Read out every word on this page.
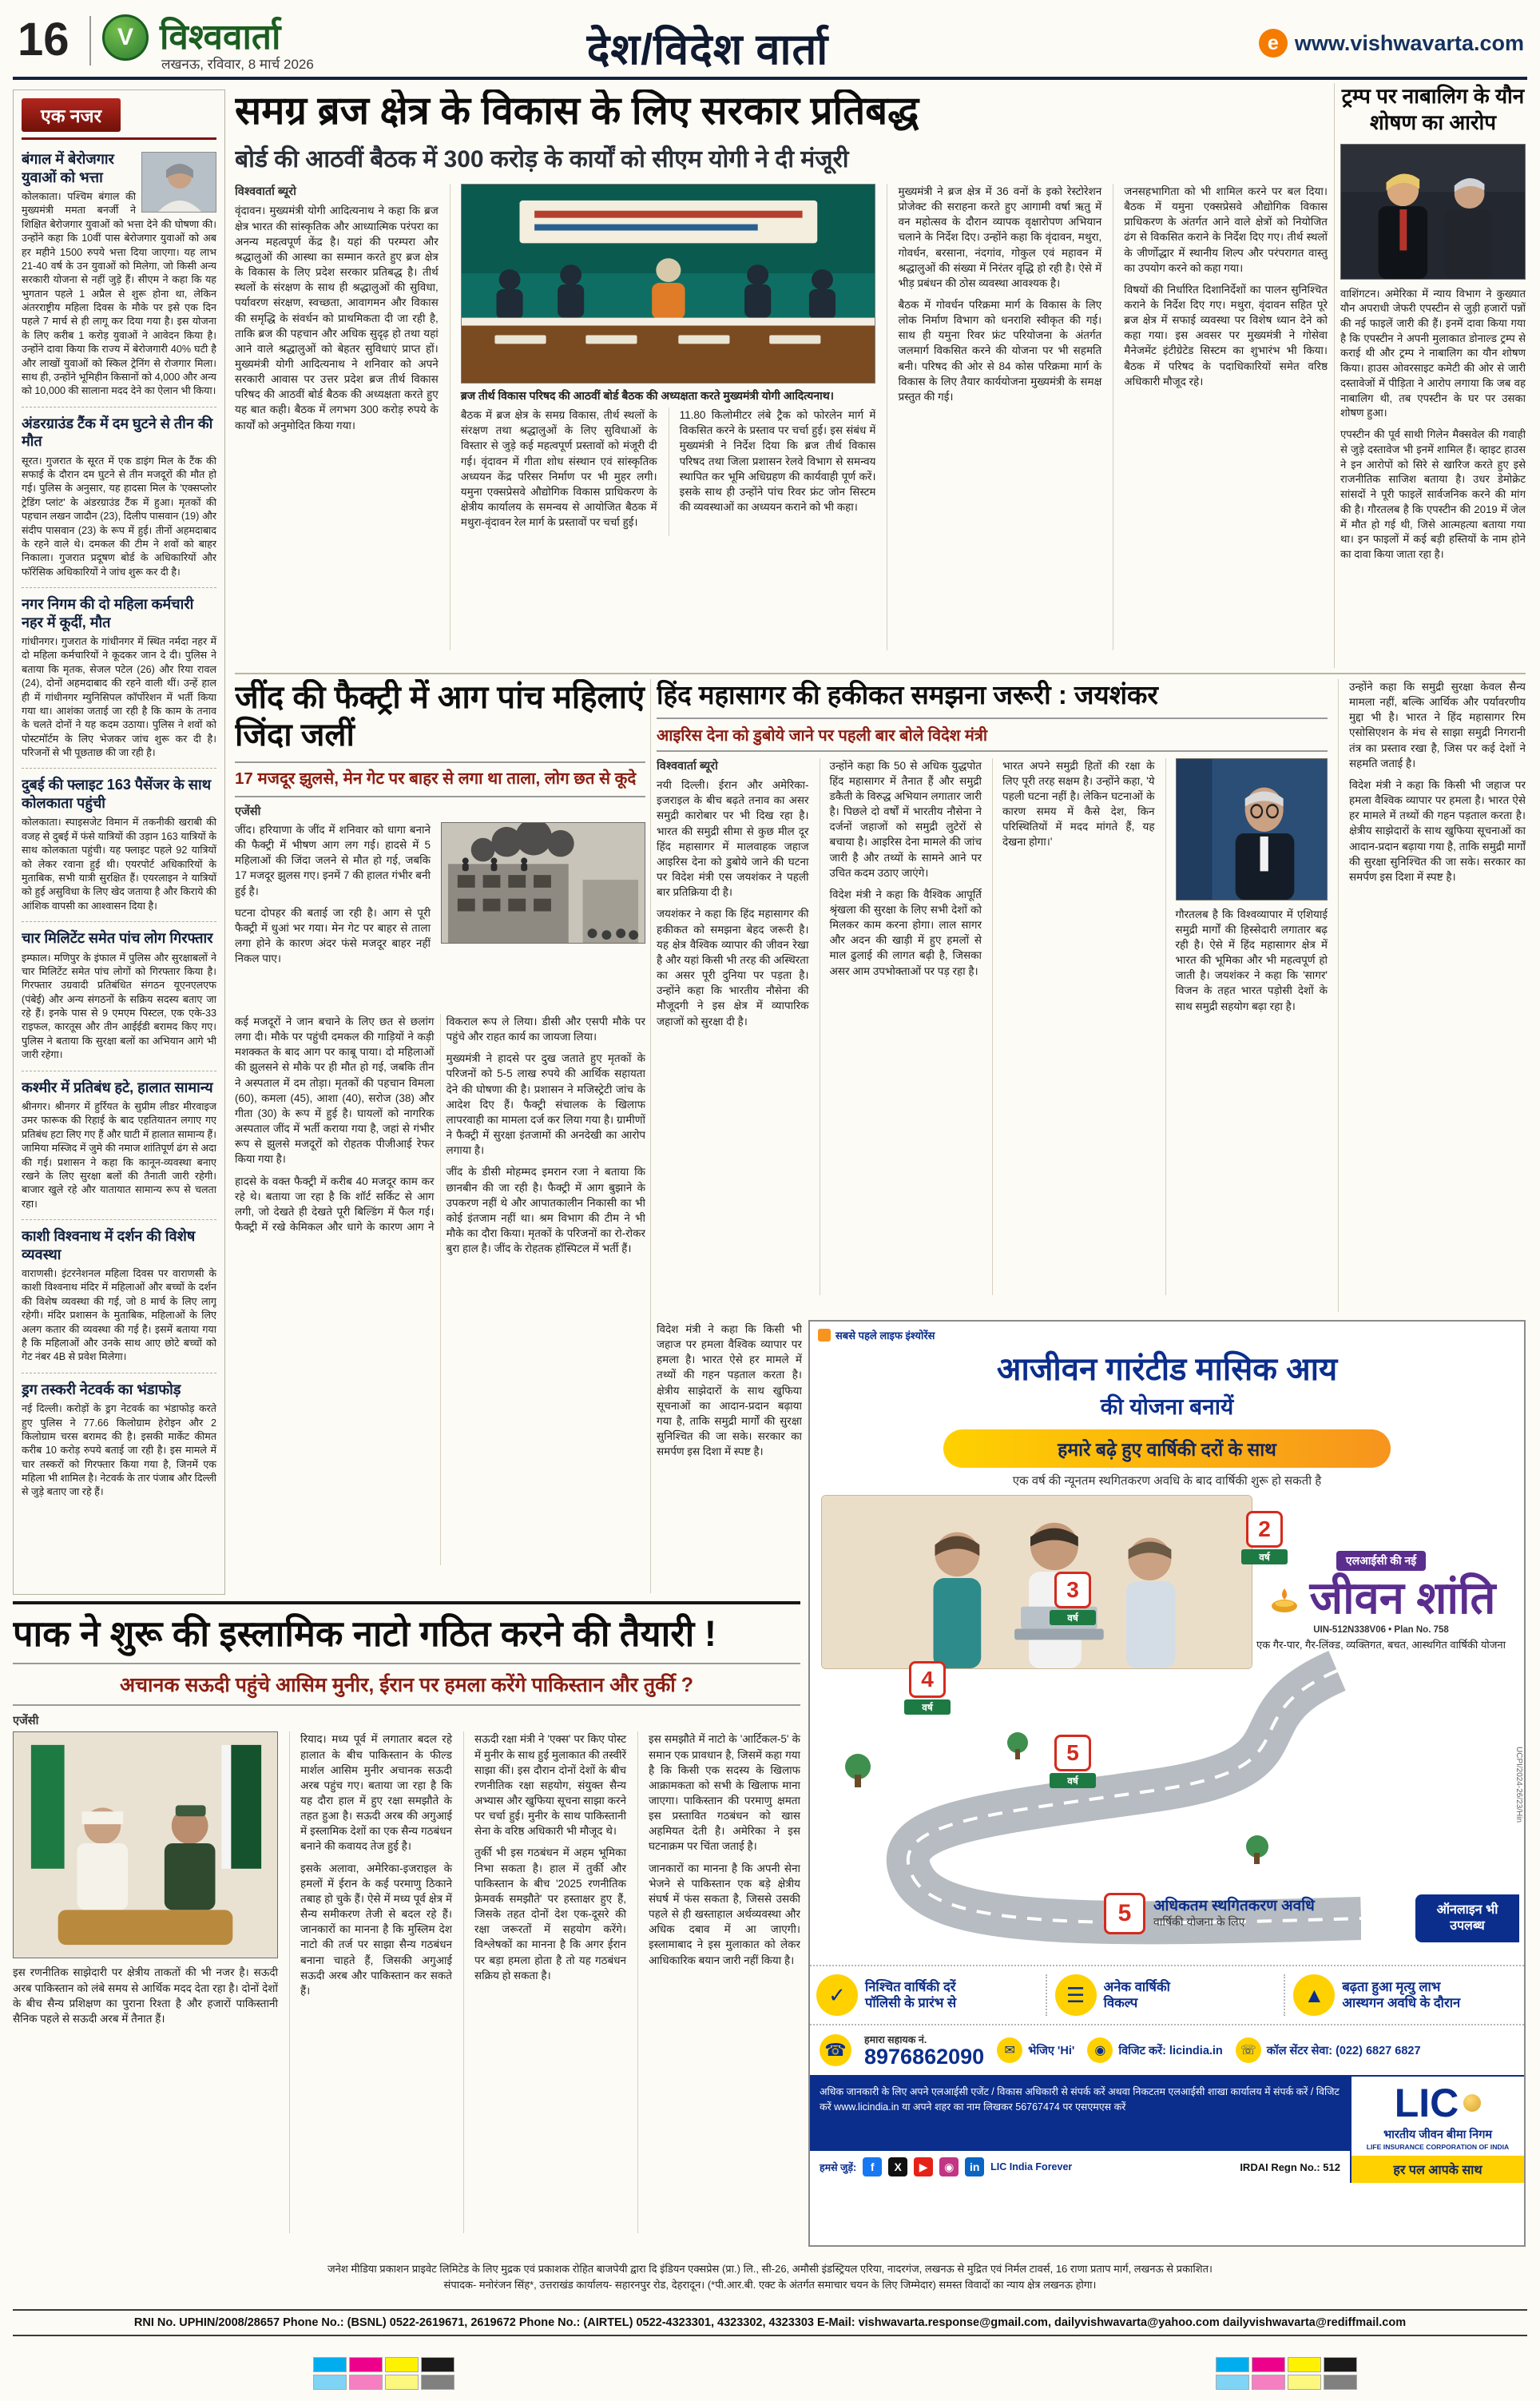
16 V विश्ववार्ता
लखनऊ, रविवार, 8 मार्च 2026	देश/विदेश वार्ता	e www.vishwavarta.com
एक नजर
बंगाल में बेरोजगार युवाओं को भत्ता

कोलकाता। पश्चिम बंगाल की मुख्यमंत्री ममता बनर्जी ने शिक्षित बेरोजगार युवाओं को भत्ता देने की घोषणा की। उन्होंने कहा कि 10वीं पास बेरोजगार युवाओं को अब हर महीने 1500 रुपये भत्ता दिया जाएगा। यह लाभ 21-40 वर्ष के उन युवाओं को मिलेगा, जो किसी अन्य सरकारी योजना से नहीं जुड़े हैं। सीएम ने कहा कि यह भुगतान पहले 1 अप्रैल से शुरू होना था, लेकिन अंतरराष्ट्रीय महिला दिवस के मौके पर इसे एक दिन पहले 7 मार्च से ही लागू कर दिया गया है। इस योजना के लिए करीब 1 करोड़ युवाओं ने आवेदन किया है। उन्होंने दावा किया कि राज्य में बेरोजगारी 40% घटी है और लाखों युवाओं को स्किल ट्रेनिंग से रोजगार मिला। साथ ही, उन्होंने भूमिहीन किसानों को 4,000 और अन्य को 10,000 की सालाना मदद देने का ऐलान भी किया।

अंडरग्राउंड टैंक में दम घुटने से तीन की मौत

सूरत। गुजरात के सूरत में एक डाइंग मिल के टैंक की सफाई के दौरान दम घुटने से तीन मजदूरों की मौत हो गई। पुलिस के अनुसार, यह हादसा मिल के 'एक्सप्लोर ट्रेडिंग प्लांट' के अंडरग्राउंड टैंक में हुआ। मृतकों की पहचान लखन जादौन (23), दिलीप पासवान (19) और संदीप पासवान (23) के रूप में हुई। तीनों अहमदाबाद के रहने वाले थे। दमकल की टीम ने शवों को बाहर निकाला। गुजरात प्रदूषण बोर्ड के अधिकारियों और फॉरेंसिक अधिकारियों ने जांच शुरू कर दी है।

नगर निगम की दो महिला कर्मचारी नहर में कूदीं, मौत

गांधीनगर। गुजरात के गांधीनगर में स्थित नर्मदा नहर में दो महिला कर्मचारियों ने कूदकर जान दे दी। पुलिस ने बताया कि मृतक, सेजल पटेल (26) और रिया रावल (24), दोनों अहमदाबाद की रहने वाली थीं। उन्हें हाल ही में गांधीनगर म्युनिसिपल कॉर्पोरेशन में भर्ती किया गया था। आशंका जताई जा रही है कि काम के तनाव के चलते दोनों ने यह कदम उठाया। पुलिस ने शवों को पोस्टमॉर्टम के लिए भेजकर जांच शुरू कर दी है। परिजनों से भी पूछताछ की जा रही है।

दुबई की फ्लाइट 163 पैसेंजर के साथ कोलकाता पहुंची

कोलकाता। स्पाइसजेट विमान में तकनीकी खराबी की वजह से दुबई में फंसे यात्रियों की उड़ान 163 यात्रियों के साथ कोलकाता पहुंची। यह फ्लाइट पहले 92 यात्रियों को लेकर रवाना हुई थी। एयरपोर्ट अधिकारियों के मुताबिक, सभी यात्री सुरक्षित हैं। एयरलाइन ने यात्रियों को हुई असुविधा के लिए खेद जताया है और किराये की आंशिक वापसी का आश्वासन दिया है।

चार मिलिटेंट समेत पांच लोग गिरफ्तार

इम्फाल। मणिपुर के इंफाल में पुलिस और सुरक्षाबलों ने चार मिलिटेंट समेत पांच लोगों को गिरफ्तार किया है। गिरफ्तार उग्रवादी प्रतिबंधित संगठन यूएनएलएफ (पंबेई) और अन्य संगठनों के सक्रिय सदस्य बताए जा रहे हैं। इनके पास से 9 एमएम पिस्टल, एक एके-33 राइफल, कारतूस और तीन आईईडी बरामद किए गए। पुलिस ने बताया कि सुरक्षा बलों का अभियान आगे भी जारी रहेगा।

कश्मीर में प्रतिबंध हटे, हालात सामान्य

श्रीनगर। श्रीनगर में हुर्रियत के सुप्रीम लीडर मीरवाइज उमर फारूक की रिहाई के बाद एहतियातन लगाए गए प्रतिबंध हटा लिए गए हैं और घाटी में हालात सामान्य हैं। जामिया मस्जिद में जुमे की नमाज शांतिपूर्ण ढंग से अदा की गई। प्रशासन ने कहा कि कानून-व्यवस्था बनाए रखने के लिए सुरक्षा बलों की तैनाती जारी रहेगी। बाजार खुले रहे और यातायात सामान्य रूप से चलता रहा।

काशी विश्वनाथ में दर्शन की विशेष व्यवस्था

वाराणसी। इंटरनेशनल महिला दिवस पर वाराणसी के काशी विश्वनाथ मंदिर में महिलाओं और बच्चों के दर्शन की विशेष व्यवस्था की गई, जो 8 मार्च के लिए लागू रहेगी। मंदिर प्रशासन के मुताबिक, महिलाओं के लिए अलग कतार की व्यवस्था की गई है। इसमें बताया गया है कि महिलाओं और उनके साथ आए छोटे बच्चों को गेट नंबर 4B से प्रवेश मिलेगा।

ड्रग तस्करी नेटवर्क का भंडाफोड़

नई दिल्ली। करोड़ों के ड्रग नेटवर्क का भंडाफोड़ करते हुए पुलिस ने 77.66 किलोग्राम हेरोइन और 2 किलोग्राम चरस बरामद की है। इसकी मार्केट कीमत करीब 10 करोड़ रुपये बताई जा रही है। इस मामले में चार तस्करों को गिरफ्तार किया गया है, जिनमें एक महिला भी शामिल है। नेटवर्क के तार पंजाब और दिल्ली से जुड़े बताए जा रहे हैं।

समग्र ब्रज क्षेत्र के विकास के लिए सरकार प्रतिबद्ध
बोर्ड की आठवीं बैठक में 300 करोड़ के कार्यों को सीएम योगी ने दी मंजूरी
विश्ववार्ता ब्यूरो

वृंदावन। मुख्यमंत्री योगी आदित्यनाथ ने कहा कि ब्रज क्षेत्र भारत की सांस्कृतिक और आध्यात्मिक परंपरा का अनन्य महत्वपूर्ण केंद्र है। यहां की परम्परा और श्रद्धालुओं की आस्था का सम्मान करते हुए ब्रज क्षेत्र के विकास के लिए प्रदेश सरकार प्रतिबद्ध है। तीर्थ स्थलों के संरक्षण के साथ ही श्रद्धालुओं की सुविधा, पर्यावरण संरक्षण, स्वच्छता, आवागमन और विकास की समृद्धि के संवर्धन को प्राथमिकता दी जा रही है, ताकि ब्रज की पहचान और अधिक सुदृढ़ हो तथा यहां आने वाले श्रद्धालुओं को बेहतर सुविधाएं प्राप्त हों। मुख्यमंत्री योगी आदित्यनाथ ने शनिवार को अपने सरकारी आवास पर उत्तर प्रदेश ब्रज तीर्थ विकास परिषद की आठवीं बोर्ड बैठक की अध्यक्षता करते हुए यह बात कही। बैठक में लगभग 300 करोड़ रुपये के कार्यों को अनुमोदित किया गया।

ब्रज तीर्थ विकास परिषद की आठवीं बोर्ड बैठक की अध्यक्षता करते मुख्यमंत्री योगी आदित्यनाथ।

बैठक में ब्रज क्षेत्र के समग्र विकास, तीर्थ स्थलों के संरक्षण तथा श्रद्धालुओं के लिए सुविधाओं के विस्तार से जुड़े कई महत्वपूर्ण प्रस्तावों को मंजूरी दी गई। वृंदावन में गीता शोध संस्थान एवं सांस्कृतिक अध्ययन केंद्र परिसर निर्माण पर भी मुहर लगी। यमुना एक्सप्रेसवे औद्योगिक विकास प्राधिकरण के क्षेत्रीय कार्यालय के समन्वय से आयोजित बैठक में मथुरा-वृंदावन रेल मार्ग के प्रस्तावों पर चर्चा हुई।

11.80 किलोमीटर लंबे ट्रैक को फोरलेन मार्ग में विकसित करने के प्रस्ताव पर चर्चा हुई। इस संबंध में मुख्यमंत्री ने निर्देश दिया कि ब्रज तीर्थ विकास परिषद तथा जिला प्रशासन रेलवे विभाग से समन्वय स्थापित कर भूमि अधिग्रहण की कार्यवाही पूर्ण करें। इसके साथ ही उन्होंने पांच रिवर फ्रंट जोन सिस्टम की व्यवस्थाओं का अध्ययन कराने को भी कहा।

मुख्यमंत्री ने ब्रज क्षेत्र में 36 वनों के इको रेस्टोरेशन प्रोजेक्ट की सराहना करते हुए आगामी वर्षा ऋतु में वन महोत्सव के दौरान व्यापक वृक्षारोपण अभियान चलाने के निर्देश दिए। उन्होंने कहा कि वृंदावन, मथुरा, गोवर्धन, बरसाना, नंदगांव, गोकुल एवं महावन में श्रद्धालुओं की संख्या में निरंतर वृद्धि हो रही है। ऐसे में भीड़ प्रबंधन की ठोस व्यवस्था आवश्यक है।

बैठक में गोवर्धन परिक्रमा मार्ग के विकास के लिए लोक निर्माण विभाग को धनराशि स्वीकृत की गई। साथ ही यमुना रिवर फ्रंट परियोजना के अंतर्गत जलमार्ग विकसित करने की योजना पर भी सहमति बनी। परिषद की ओर से 84 कोस परिक्रमा मार्ग के विकास के लिए तैयार कार्ययोजना मुख्यमंत्री के समक्ष प्रस्तुत की गई।

जनसहभागिता को भी शामिल करने पर बल दिया। बैठक में यमुना एक्सप्रेसवे औद्योगिक विकास प्राधिकरण के अंतर्गत आने वाले क्षेत्रों को नियोजित ढंग से विकसित कराने के निर्देश दिए गए। तीर्थ स्थलों के जीर्णोद्धार में स्थानीय शिल्प और परंपरागत वास्तु का उपयोग करने को कहा गया।

विषयों की निर्धारित दिशानिर्देशों का पालन सुनिश्चित कराने के निर्देश दिए गए। मथुरा, वृंदावन सहित पूरे ब्रज क्षेत्र में सफाई व्यवस्था पर विशेष ध्यान देने को कहा गया। इस अवसर पर मुख्यमंत्री ने गोसेवा मैनेजमेंट इंटीग्रेटेड सिस्टम का शुभारंभ भी किया। बैठक में परिषद के पदाधिकारियों समेत वरिष्ठ अधिकारी मौजूद रहे।

ट्रम्प पर नाबालिग के यौन शोषण का आरोप

वाशिंगटन। अमेरिका में न्याय विभाग ने कुख्यात यौन अपराधी जेफरी एपस्टीन से जुड़ी हजारों पन्नों की नई फाइलें जारी की हैं। इनमें दावा किया गया है कि एपस्टीन ने अपनी मुलाकात डोनाल्ड ट्रम्प से कराई थी और ट्रम्प ने नाबालिग का यौन शोषण किया। हाउस ओवरसाइट कमेटी की ओर से जारी दस्तावेजों में पीड़िता ने आरोप लगाया कि जब वह नाबालिग थी, तब एपस्टीन के घर पर उसका शोषण हुआ।

एपस्टीन की पूर्व साथी गिलेन मैक्सवेल की गवाही से जुड़े दस्तावेज भी इनमें शामिल हैं। व्हाइट हाउस ने इन आरोपों को सिरे से खारिज करते हुए इसे राजनीतिक साजिश बताया है। उधर डेमोक्रेट सांसदों ने पूरी फाइलें सार्वजनिक करने की मांग की है। गौरतलब है कि एपस्टीन की 2019 में जेल में मौत हो गई थी, जिसे आत्महत्या बताया गया था। इन फाइलों में कई बड़ी हस्तियों के नाम होने का दावा किया जाता रहा है।

जींद की फैक्ट्री में आग पांच महिलाएं जिंदा जलीं
17 मजदूर झुलसे, मेन गेट पर बाहर से लगा था ताला, लोग छत से कूदे
एजेंसी

जींद। हरियाणा के जींद में शनिवार को धागा बनाने की फैक्ट्री में भीषण आग लग गई। हादसे में 5 महिलाओं की जिंदा जलने से मौत हो गई, जबकि 17 मजदूर झुलस गए। इनमें 7 की हालत गंभीर बनी हुई है।

घटना दोपहर की बताई जा रही है। आग से पूरी फैक्ट्री में धुआं भर गया। मेन गेट पर बाहर से ताला लगा होने के कारण अंदर फंसे मजदूर बाहर नहीं निकल पाए।

कई मजदूरों ने जान बचाने के लिए छत से छलांग लगा दी। मौके पर पहुंची दमकल की गाड़ियों ने कड़ी मशक्कत के बाद आग पर काबू पाया। दो महिलाओं की झुलसने से मौके पर ही मौत हो गई, जबकि तीन ने अस्पताल में दम तोड़ा। मृतकों की पहचान विमला (60), कमला (45), आशा (40), सरोज (38) और गीता (30) के रूप में हुई है। घायलों को नागरिक अस्पताल जींद में भर्ती कराया गया है, जहां से गंभीर रूप से झुलसे मजदूरों को रोहतक पीजीआई रेफर किया गया है।

हादसे के वक्त फैक्ट्री में करीब 40 मजदूर काम कर रहे थे। बताया जा रहा है कि शॉर्ट सर्किट से आग लगी, जो देखते ही देखते पूरी बिल्डिंग में फैल गई। फैक्ट्री में रखे केमिकल और धागे के कारण आग ने विकराल रूप ले लिया। डीसी और एसपी मौके पर पहुंचे और राहत कार्य का जायजा लिया।

मुख्यमंत्री ने हादसे पर दुख जताते हुए मृतकों के परिजनों को 5-5 लाख रुपये की आर्थिक सहायता देने की घोषणा की है। प्रशासन ने मजिस्ट्रेटी जांच के आदेश दिए हैं। फैक्ट्री संचालक के खिलाफ लापरवाही का मामला दर्ज कर लिया गया है। ग्रामीणों ने फैक्ट्री में सुरक्षा इंतजामों की अनदेखी का आरोप लगाया है।

जींद के डीसी मोहम्मद इमरान रजा ने बताया कि छानबीन की जा रही है। फैक्ट्री में आग बुझाने के उपकरण नहीं थे और आपातकालीन निकासी का भी कोई इंतजाम नहीं था। श्रम विभाग की टीम ने भी मौके का दौरा किया। मृतकों के परिजनों का रो-रोकर बुरा हाल है। जींद के रोहतक हॉस्पिटल में भर्ती हैं।

हिंद महासागर की हकीकत समझना जरूरी : जयशंकर
आइरिस देना को डुबोये जाने पर पहली बार बोले विदेश मंत्री
विश्ववार्ता ब्यूरो

नयी दिल्ली। ईरान और अमेरिका-इजराइल के बीच बढ़ते तनाव का असर समुद्री कारोबार पर भी दिख रहा है। भारत की समुद्री सीमा से कुछ मील दूर हिंद महासागर में मालवाहक जहाज आइरिस देना को डुबोये जाने की घटना पर विदेश मंत्री एस जयशंकर ने पहली बार प्रतिक्रिया दी है।

जयशंकर ने कहा कि हिंद महासागर की हकीकत को समझना बेहद जरूरी है। यह क्षेत्र वैश्विक व्यापार की जीवन रेखा है और यहां किसी भी तरह की अस्थिरता का असर पूरी दुनिया पर पड़ता है। उन्होंने कहा कि भारतीय नौसेना की मौजूदगी ने इस क्षेत्र में व्यापारिक जहाजों को सुरक्षा दी है।

उन्होंने कहा कि 50 से अधिक युद्धपोत हिंद महासागर में तैनात हैं और समुद्री डकैती के विरुद्ध अभियान लगातार जारी है। पिछले दो वर्षों में भारतीय नौसेना ने दर्जनों जहाजों को समुद्री लुटेरों से बचाया है। आइरिस देना मामले की जांच जारी है और तथ्यों के सामने आने पर उचित कदम उठाए जाएंगे।

विदेश मंत्री ने कहा कि वैश्विक आपूर्ति श्रृंखला की सुरक्षा के लिए सभी देशों को मिलकर काम करना होगा। लाल सागर और अदन की खाड़ी में हुए हमलों से माल ढुलाई की लागत बढ़ी है, जिसका असर आम उपभोक्ताओं पर पड़ रहा है।

भारत अपने समुद्री हितों की रक्षा के लिए पूरी तरह सक्षम है। उन्होंने कहा, 'ये पहली घटना नहीं है। लेकिन घटनाओं के कारण समय में कैसे देश, किन परिस्थितियों में मदद मांगते हैं, यह देखना होगा।'

गौरतलब है कि विश्वव्यापार में एशियाई समुद्री मार्गों की हिस्सेदारी लगातार बढ़ रही है। ऐसे में हिंद महासागर क्षेत्र में भारत की भूमिका और भी महत्वपूर्ण हो जाती है। जयशंकर ने कहा कि 'सागर' विजन के तहत भारत पड़ोसी देशों के साथ समुद्री सहयोग बढ़ा रहा है।

उन्होंने कहा कि समुद्री सुरक्षा केवल सैन्य मामला नहीं, बल्कि आर्थिक और पर्यावरणीय मुद्दा भी है। भारत ने हिंद महासागर रिम एसोसिएशन के मंच से साझा समुद्री निगरानी तंत्र का प्रस्ताव रखा है, जिस पर कई देशों ने सहमति जताई है।

विदेश मंत्री ने कहा कि किसी भी जहाज पर हमला वैश्विक व्यापार पर हमला है। भारत ऐसे हर मामले में तथ्यों की गहन पड़ताल करता है। क्षेत्रीय साझेदारों के साथ खुफिया सूचनाओं का आदान-प्रदान बढ़ाया गया है, ताकि समुद्री मार्गों की सुरक्षा सुनिश्चित की जा सके। सरकार का समर्पण इस दिशा में स्पष्ट है।

विदेश मंत्री ने कहा कि किसी भी जहाज पर हमला वैश्विक व्यापार पर हमला है। भारत ऐसे हर मामले में तथ्यों की गहन पड़ताल करता है। क्षेत्रीय साझेदारों के साथ खुफिया सूचनाओं का आदान-प्रदान बढ़ाया गया है, ताकि समुद्री मार्गों की सुरक्षा सुनिश्चित की जा सके। सरकार का समर्पण इस दिशा में स्पष्ट है।

पाक ने शुरू की इस्लामिक नाटो गठित करने की तैयारी !
अचानक सऊदी पहुंचे आसिम मुनीर, ईरान पर हमला करेंगे पाकिस्तान और तुर्की ?
एजेंसी

इस रणनीतिक साझेदारी पर क्षेत्रीय ताकतों की भी नजर है। सऊदी अरब पाकिस्तान को लंबे समय से आर्थिक मदद देता रहा है। दोनों देशों के बीच सैन्य प्रशिक्षण का पुराना रिश्ता है और हजारों पाकिस्तानी सैनिक पहले से सऊदी अरब में तैनात हैं।

रियाद। मध्य पूर्व में लगातार बदल रहे हालात के बीच पाकिस्तान के फील्ड मार्शल आसिम मुनीर अचानक सऊदी अरब पहुंच गए। बताया जा रहा है कि यह दौरा हाल में हुए रक्षा समझौते के तहत हुआ है। सऊदी अरब की अगुआई में इस्लामिक देशों का एक सैन्य गठबंधन बनाने की कवायद तेज हुई है।

इसके अलावा, अमेरिका-इजराइल के हमलों में ईरान के कई परमाणु ठिकाने तबाह हो चुके हैं। ऐसे में मध्य पूर्व क्षेत्र में सैन्य समीकरण तेजी से बदल रहे हैं। जानकारों का मानना है कि मुस्लिम देश नाटो की तर्ज पर साझा सैन्य गठबंधन बनाना चाहते हैं, जिसकी अगुआई सऊदी अरब और पाकिस्तान कर सकते हैं।

सऊदी रक्षा मंत्री ने 'एक्स' पर किए पोस्ट में मुनीर के साथ हुई मुलाकात की तस्वीरें साझा कीं। इस दौरान दोनों देशों के बीच रणनीतिक रक्षा सहयोग, संयुक्त सैन्य अभ्यास और खुफिया सूचना साझा करने पर चर्चा हुई। मुनीर के साथ पाकिस्तानी सेना के वरिष्ठ अधिकारी भी मौजूद थे।

तुर्की भी इस गठबंधन में अहम भूमिका निभा सकता है। हाल में तुर्की और पाकिस्तान के बीच '2025 रणनीतिक फ्रेमवर्क समझौते' पर हस्ताक्षर हुए हैं, जिसके तहत दोनों देश एक-दूसरे की रक्षा जरूरतों में सहयोग करेंगे। विश्लेषकों का मानना है कि अगर ईरान पर बड़ा हमला होता है तो यह गठबंधन सक्रिय हो सकता है।

इस समझौते में नाटो के 'आर्टिकल-5' के समान एक प्रावधान है, जिसमें कहा गया है कि किसी एक सदस्य के खिलाफ आक्रामकता को सभी के खिलाफ माना जाएगा। पाकिस्तान की परमाणु क्षमता इस प्रस्तावित गठबंधन को खास अहमियत देती है। अमेरिका ने इस घटनाक्रम पर चिंता जताई है।

जानकारों का मानना है कि अपनी सेना भेजने से पाकिस्तान एक बड़े क्षेत्रीय संघर्ष में फंस सकता है, जिससे उसकी पहले से ही खस्ताहाल अर्थव्यवस्था और अधिक दबाव में आ जाएगी। इस्लामाबाद ने इस मुलाकात को लेकर आधिकारिक बयान जारी नहीं किया है।

सबसे पहले लाइफ इंश्योरेंस
आजीवन गारंटीड मासिक आय
की योजना बनायें
हमारे बढ़े हुए वार्षिकी दरों के साथ
एक वर्ष की न्यूनतम स्थगितकरण अवधि के बाद वार्षिकी शुरू हो सकती है
2
वर्ष
3
वर्ष
4
वर्ष
5
वर्ष
एलआईसी की नई
जीवन शांति
UIN-512N338V06 • Plan No. 758
एक गैर-पार, गैर-लिंक्ड, व्यक्तिगत, बचत, आस्थगित वार्षिकी योजना
5	अधिकतम स्थगितकरण अवधि
वार्षिकी योजना के लिए
ऑनलाइन भी उपलब्ध
✓	निश्चित वार्षिकी दरें
पॉलिसी के प्रारंभ से	☰	अनेक वार्षिकी
विकल्प	▲	बढ़ता हुआ मृत्यु लाभ
आस्थगन अवधि के दौरान
☎	हमारा सहायक नं.
8976862090	✉	भेजिए 'Hi'	◉	विजिट करें: licindia.in	☏ कॉल सेंटर सेवा: (022) 6827 6827
अधिक जानकारी के लिए अपने एलआईसी एजेंट / विकास अधिकारी से संपर्क करें अथवा निकटतम एलआईसी शाखा कार्यालय में संपर्क करें / विजिट करें www.licindia.in या अपने शहर का नाम लिखकर 56767474 पर एसएमएस करें
हमसे जुड़ें:	f	X	▶	◉	in	LIC India Forever	IRDAI Regn No.: 512
LIC
भारतीय जीवन बीमा निगम
LIFE INSURANCE CORPORATION OF INDIA
हर पल आपके साथ
UCPI/2024-26/23/Hin
जनेश मीडिया प्रकाशन प्राइवेट लिमिटेड के लिए मुद्रक एवं प्रकाशक रोहित बाजपेयी द्वारा दि इंडियन एक्सप्रेस (प्रा.) लि., सी-26, अमौसी इंडस्ट्रियल एरिया, नादरगंज, लखनऊ से मुद्रित एवं निर्मल टावर्स, 16 राणा प्रताप मार्ग, लखनऊ से प्रकाशित।
संपादक- मनोरंजन सिंह*, उत्तराखंड कार्यालय- सहारनपुर रोड, देहरादून। (*पी.आर.बी. एक्ट के अंतर्गत समाचार चयन के लिए जिम्मेदार) समस्त विवादों का न्याय क्षेत्र लखनऊ होगा।
RNI No. UPHIN/2008/28657 Phone No.: (BSNL) 0522-2619671, 2619672 Phone No.: (AIRTEL) 0522-4323301, 4323302, 4323303 E-Mail: vishwavarta.response@gmail.com, dailyvishwavarta@yahoo.com dailyvishwavarta@rediffmail.com
